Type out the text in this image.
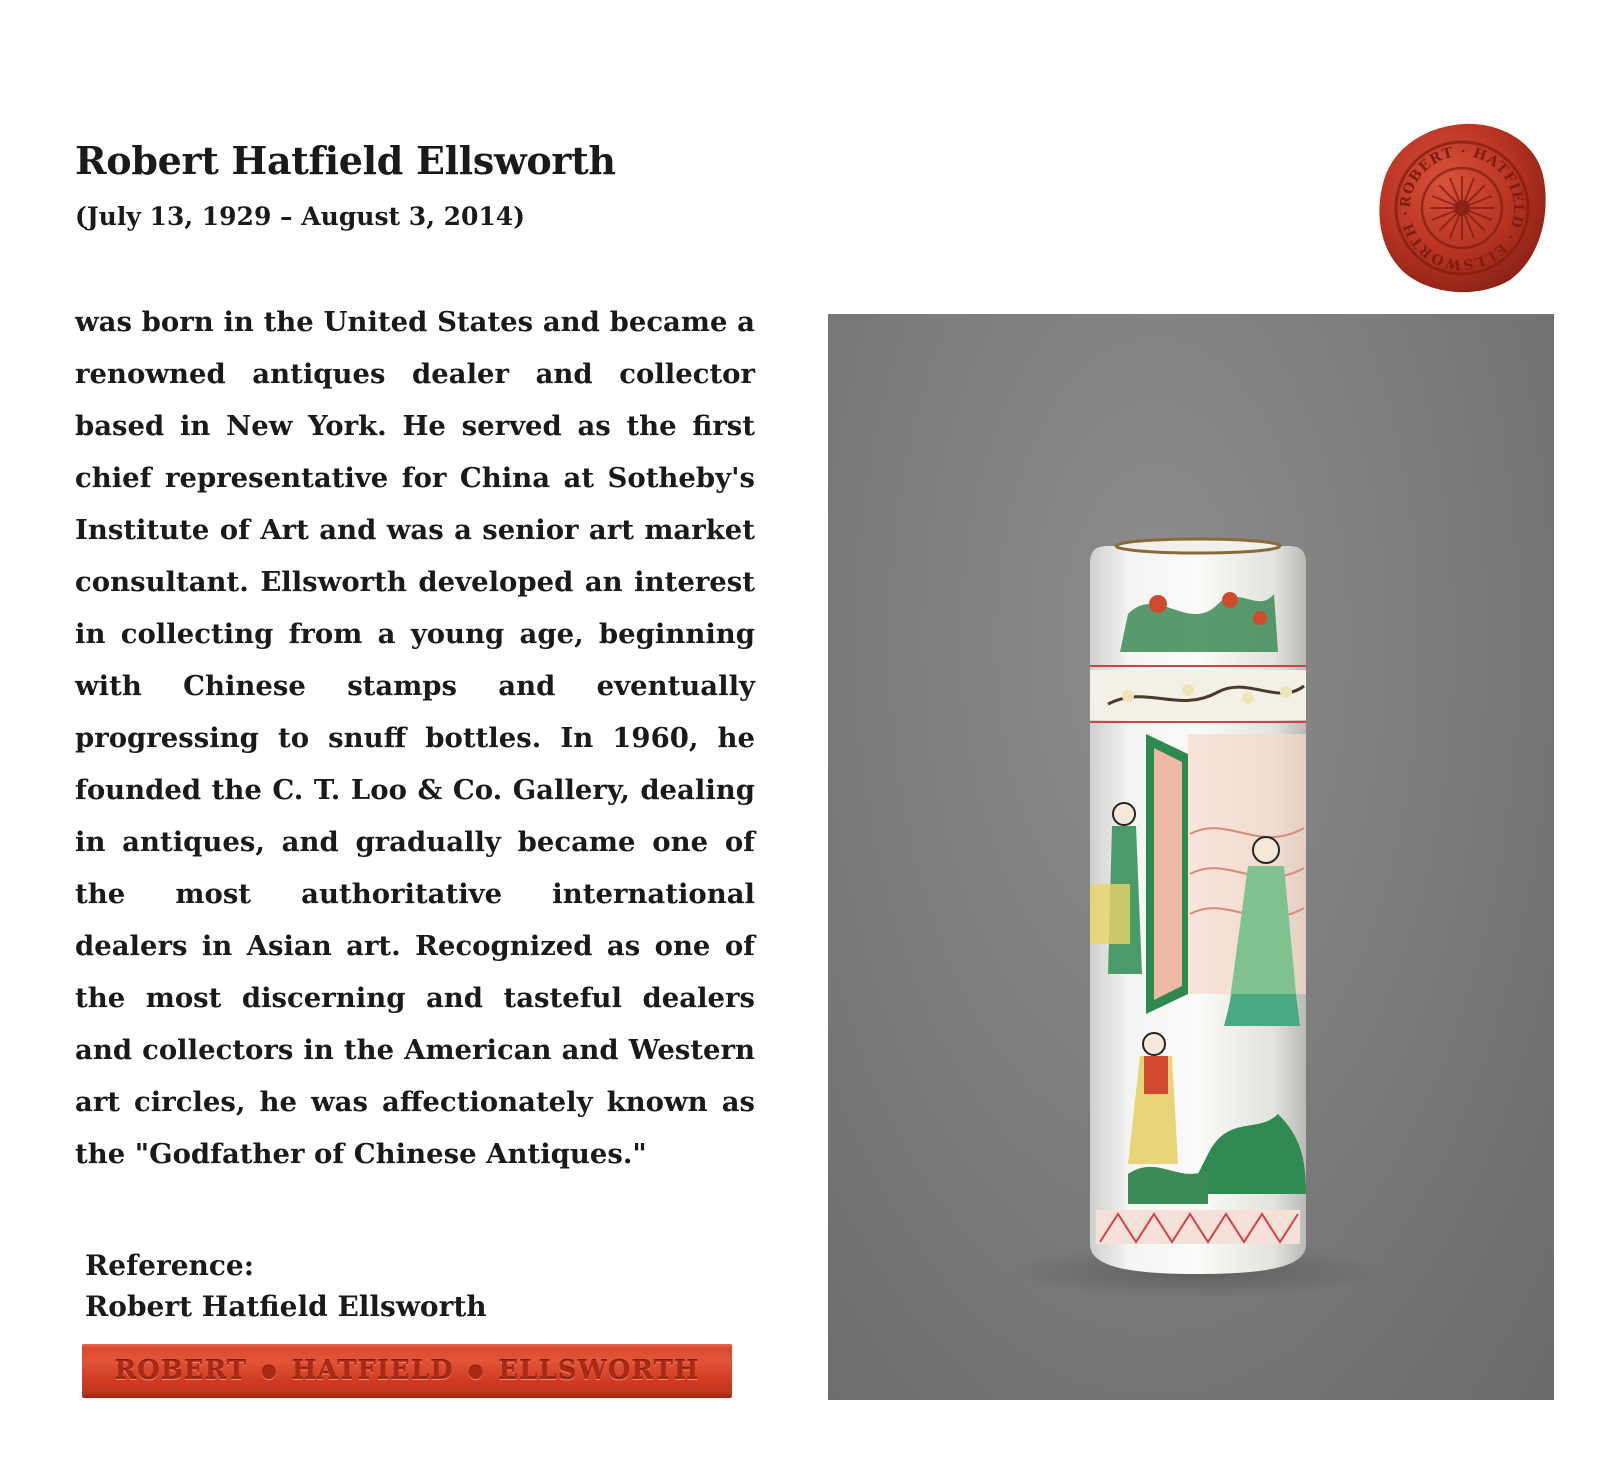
Robert Hatfield Ellsworth

(July 13, 1929 – August 3, 2014)

was born in the United States and became a renowned antiques dealer and collector based in New York. He served as the first chief representative for China at Sotheby's Institute of Art and was a senior art market consultant. Ellsworth developed an interest in collecting from a young age, beginning with Chinese stamps and eventually progressing to snuff bottles. In 1960, he founded the C. T. Loo & Co. Gallery, dealing in antiques, and gradually became one of the most authoritative international dealers in Asian art. Recognized as one of the most discerning and tasteful dealers and collectors in the American and Western art circles, he was affectionately known as the "Godfather of Chinese Antiques."

Reference:
Robert Hatfield Ellsworth
ROBERT · HATFIELD · ELLSWORTH ·
ROBERT ● HATFIELD ● ELLSWORTH
